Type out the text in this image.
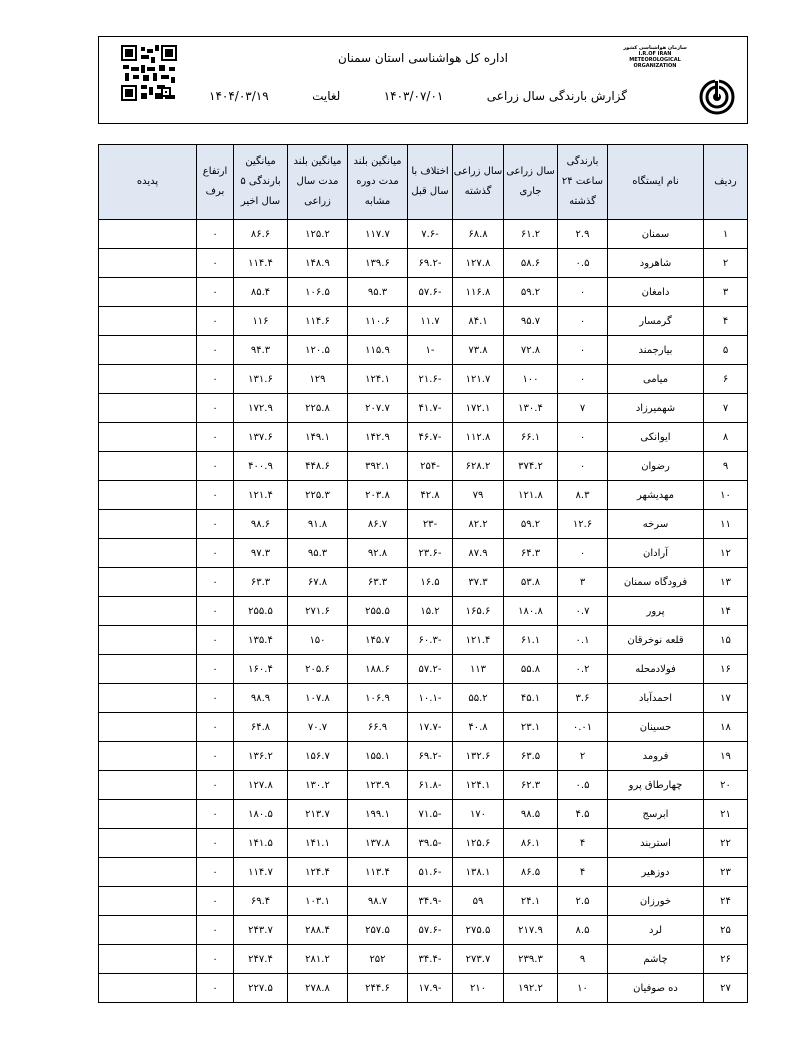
اداره کل هواشناسی استان سمنان
گزارش بارندگی سال زراعی
۱۴۰۳/۰۷/۰۱
لغایت
۱۴۰۴/۰۳/۱۹
سازمان هواشناسی کشور I.R.OF IRAN METEOROLOGICAL ORGANIZATION
ردیف	نام ایستگاه	بارندگی ساعت ۲۴ گذشته	سال زراعی جاری	سال زراعی گذشته	اختلاف با سال قبل	میانگین بلند مدت دوره مشابه	میانگین بلند مدت سال زراعی	میانگین بارندگی ۵ سال اخیر	ارتفاع برف	پدیده
۱	سمنان	۲.۹	۶۱.۲	۶۸.۸	-۷.۶	۱۱۷.۷	۱۲۵.۲	۸۶.۶	۰	
۲	شاهرود	۰.۵	۵۸.۶	۱۲۷.۸	-۶۹.۲	۱۳۹.۶	۱۴۸.۹	۱۱۴.۴	۰	
۳	دامغان	۰	۵۹.۲	۱۱۶.۸	-۵۷.۶	۹۵.۳	۱۰۶.۵	۸۵.۴	۰	
۴	گرمسار	۰	۹۵.۷	۸۴.۱	۱۱.۷	۱۱۰.۶	۱۱۴.۶	۱۱۶	۰	
۵	بیارجمند	۰	۷۲.۸	۷۳.۸	-۱	۱۱۵.۹	۱۲۰.۵	۹۴.۳	۰	
۶	میامی	۰	۱۰۰	۱۲۱.۷	-۲۱.۶	۱۲۴.۱	۱۲۹	۱۳۱.۶	۰	
۷	شهمیرزاد	۷	۱۳۰.۴	۱۷۲.۱	-۴۱.۷	۲۰۷.۷	۲۲۵.۸	۱۷۲.۹	۰	
۸	ایوانکی	۰	۶۶.۱	۱۱۲.۸	-۴۶.۷	۱۴۲.۹	۱۴۹.۱	۱۳۷.۶	۰	
۹	رضوان	۰	۳۷۴.۲	۶۲۸.۲	-۲۵۴	۳۹۲.۱	۴۴۸.۶	۴۰۰.۹	۰	
۱۰	مهدیشهر	۸.۳	۱۲۱.۸	۷۹	۴۲.۸	۲۰۳.۸	۲۲۵.۳	۱۲۱.۴	۰	
۱۱	سرخه	۱۲.۶	۵۹.۲	۸۲.۲	-۲۳	۸۶.۷	۹۱.۸	۹۸.۶	۰	
۱۲	آرادان	۰	۶۴.۳	۸۷.۹	-۲۳.۶	۹۲.۸	۹۵.۳	۹۷.۳	۰	
۱۳	فرودگاه سمنان	۳	۵۳.۸	۳۷.۳	۱۶.۵	۶۳.۳	۶۷.۸	۶۳.۳	۰	
۱۴	پرور	۰.۷	۱۸۰.۸	۱۶۵.۶	۱۵.۲	۲۵۵.۵	۲۷۱.۶	۲۵۵.۵	۰	
۱۵	قلعه نوخرقان	۰.۱	۶۱.۱	۱۲۱.۴	-۶۰.۳	۱۴۵.۷	۱۵۰	۱۳۵.۴	۰	
۱۶	فولادمحله	۰.۲	۵۵.۸	۱۱۳	-۵۷.۲	۱۸۸.۶	۲۰۵.۶	۱۶۰.۴	۰	
۱۷	احمدآباد	۳.۶	۴۵.۱	۵۵.۲	-۱۰.۱	۱۰۶.۹	۱۰۷.۸	۹۸.۹	۰	
۱۸	حسینان	۰.۰۱	۲۳.۱	۴۰.۸	-۱۷.۷	۶۶.۹	۷۰.۷	۶۴.۸	۰	
۱۹	فرومد	۲	۶۳.۵	۱۳۲.۶	-۶۹.۲	۱۵۵.۱	۱۵۶.۷	۱۳۶.۲	۰	
۲۰	چهارطاق پرو	۰.۵	۶۲.۳	۱۲۴.۱	-۶۱.۸	۱۲۳.۹	۱۳۰.۲	۱۲۷.۸	۰	
۲۱	ابرسج	۴.۵	۹۸.۵	۱۷۰	-۷۱.۵	۱۹۹.۱	۲۱۳.۷	۱۸۰.۵	۰	
۲۲	استربند	۴	۸۶.۱	۱۲۵.۶	-۳۹.۵	۱۳۷.۸	۱۴۱.۱	۱۴۱.۵	۰	
۲۳	دوزهیر	۴	۸۶.۵	۱۳۸.۱	-۵۱.۶	۱۱۳.۴	۱۲۴.۴	۱۱۴.۷	۰	
۲۴	خورزان	۲.۵	۲۴.۱	۵۹	-۳۴.۹	۹۸.۷	۱۰۳.۱	۶۹.۴	۰	
۲۵	لرد	۸.۵	۲۱۷.۹	۲۷۵.۵	-۵۷.۶	۲۵۷.۵	۲۸۸.۴	۲۴۳.۷	۰	
۲۶	چاشم	۹	۲۳۹.۳	۲۷۳.۷	-۳۴.۴	۲۵۲	۲۸۱.۲	۲۴۷.۴	۰	
۲۷	ده صوفیان	۱۰	۱۹۲.۲	۲۱۰	-۱۷.۹	۲۴۴.۶	۲۷۸.۸	۲۲۷.۵	۰	
